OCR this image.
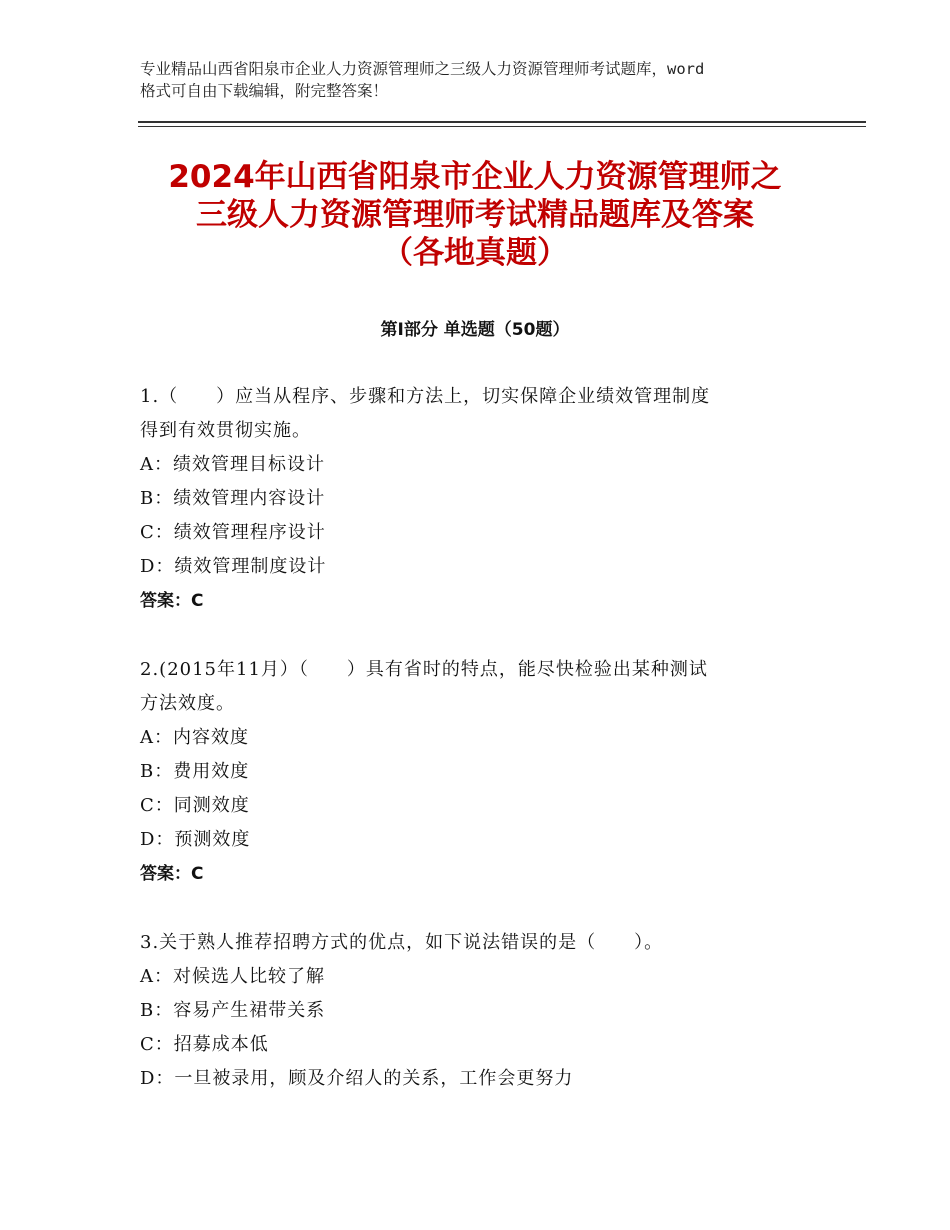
专业精品山西省阳泉市企业人力资源管理师之三级人力资源管理师考试题库，word
格式可自由下载编辑，附完整答案！
2024年山西省阳泉市企业人力资源管理师之
三级人力资源管理师考试精品题库及答案
（各地真题）
第Ⅰ部分 单选题（50题）
1.（　　）应当从程序、步骤和方法上，切实保障企业绩效管理制度
得到有效贯彻实施。
A：绩效管理目标设计
B：绩效管理内容设计
C：绩效管理程序设计
D：绩效管理制度设计
答案：C
2.(2015年11月）（　　）具有省时的特点，能尽快检验出某种测试
方法效度。
A：内容效度
B：费用效度
C：同测效度
D：预测效度
答案：C
3.关于熟人推荐招聘方式的优点，如下说法错误的是（　　）。
A：对候选人比较了解
B：容易产生裙带关系
C：招募成本低
D：一旦被录用，顾及介绍人的关系，工作会更努力
